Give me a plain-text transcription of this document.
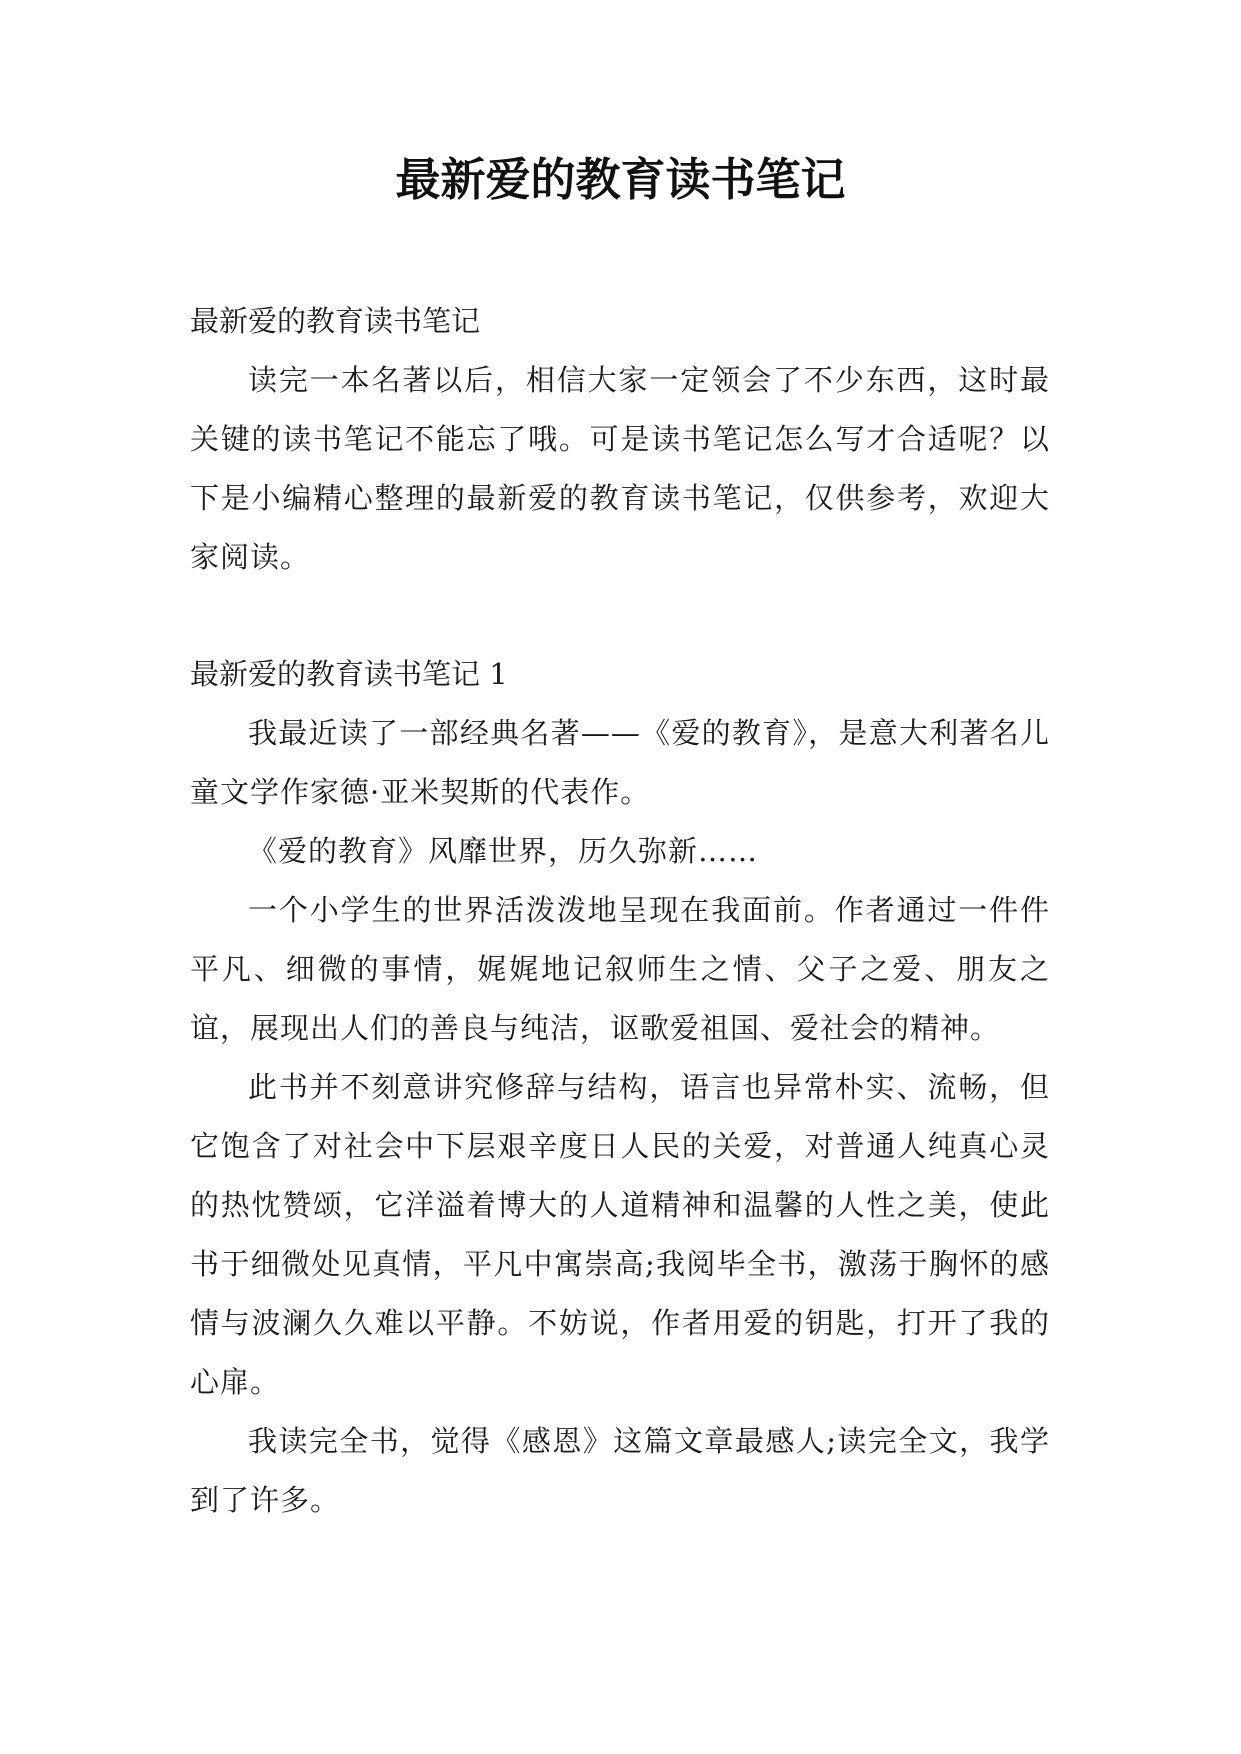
最新爱的教育读书笔记
最新爱的教育读书笔记

读完一本名著以后，相信大家一定领会了不少东西，这时最关键的读书笔记不能忘了哦。可是读书笔记怎么写才合适呢？以下是小编精心整理的最新爱的教育读书笔记，仅供参考，欢迎大家阅读。

最新爱的教育读书笔记 1

我最近读了一部经典名著——《爱的教育》，是意大利著名儿童文学作家德·亚米契斯的代表作。

《爱的教育》风靡世界，历久弥新……

一个小学生的世界活泼泼地呈现在我面前。作者通过一件件平凡、细微的事情，娓娓地记叙师生之情、父子之爱、朋友之谊，展现出人们的善良与纯洁，讴歌爱祖国、爱社会的精神。

此书并不刻意讲究修辞与结构，语言也异常朴实、流畅，但它饱含了对社会中下层艰辛度日人民的关爱，对普通人纯真心灵的热忱赞颂，它洋溢着博大的人道精神和温馨的人性之美，使此书于细微处见真情，平凡中寓崇高;我阅毕全书，激荡于胸怀的感情与波澜久久难以平静。不妨说，作者用爱的钥匙，打开了我的心扉。

我读完全书，觉得《感恩》这篇文章最感人;读完全文，我学到了许多。
